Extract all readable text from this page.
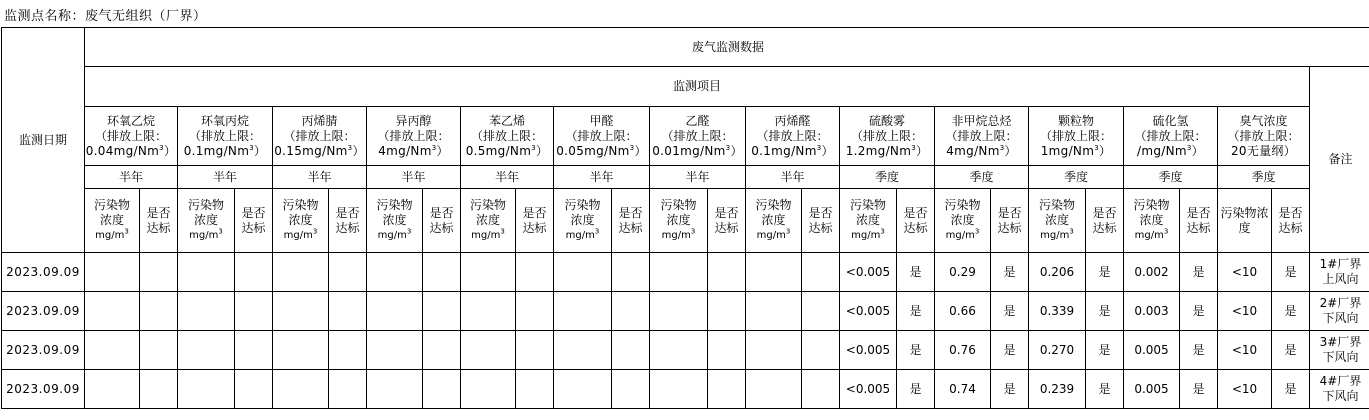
监测点名称：废气无组织（厂界）
监测日期	废气监测数据																										
	监测项目																										备注

	环氧乙烷
（排放上限：
0.04mg/Nm$^3$）		环氧丙烷
（排放上限：
0.1mg/Nm$^3$）		丙烯腈
（排放上限：
0.15mg/Nm$^3$）		异丙醇
（排放上限：
4mg/Nm$^3$）		苯乙烯
（排放上限：
0.5mg/Nm$^3$）		甲醛
（排放上限：
0.05mg/Nm$^3$）		乙醛
（排放上限：
0.01mg/Nm$^3$）		丙烯醛
（排放上限：
0.1mg/Nm$^3$）		硫酸雾
（排放上限：
1.2mg/Nm$^3$）		非甲烷总烃
（排放上限：
4mg/Nm$^3$）		颗粒物
（排放上限：
1mg/Nm$^3$）		硫化氢
（排放上限：
/mg/Nm$^3$）		臭气浓度
（排放上限：
20无量纲）		

	半年		半年		半年		半年		半年		半年		半年		半年		季度		季度		季度		季度		季度		

	污染物
浓度
$mg/m^3$	是否达标	污染物
浓度
$mg/m^3$	是否达标	污染物
浓度
$mg/m^3$	是否达标	污染物
浓度
$mg/m^3$	是否达标	污染物
浓度
$mg/m^3$	是否达标	污染物
浓度
$mg/m^3$	是否达标	污染物
浓度
$mg/m^3$	是否达标	污染物
浓度
$mg/m^3$	是否达标	污染物
浓度
$mg/m^3$	是否达标	污染物
浓度
$mg/m^3$	是否达标	污染物
浓度
$mg/m^3$	是否达标	污染物
浓度
$mg/m^3$	是否达标	污染物浓度	是否达标	
2023.09.09																	<0.005	是	0.29	是	0.206	是	0.002	是	<10	是	1#厂界
上风向

2023.09.09																	<0.005	是	0.66	是	0.339	是	0.003	是	<10	是	2#厂界
下风向

2023.09.09																	<0.005	是	0.76	是	0.270	是	0.005	是	<10	是	3#厂界
下风向

2023.09.09																	<0.005	是	0.74	是	0.239	是	0.005	是	<10	是	4#厂界
下风向
